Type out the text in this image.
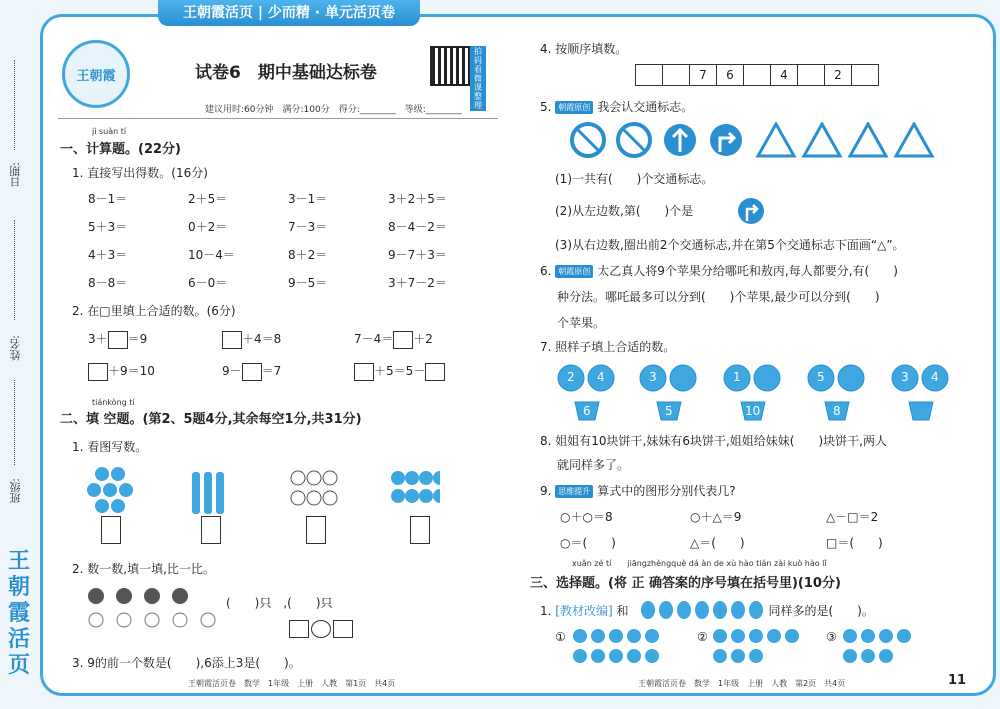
王朝霞活页 | 少而精 · 单元活页卷
日期:
姓名:
班级:
王朝霞活页
王朝霞	试卷6　期中基础达标卷
拍码看微课整理
建议用时:60分钟　满分:100分　得分:________　等级:________
jì suàn tí
一、计算题。(22分)
1. 直接写出得数。(16分)
8－1＝	2＋5＝	3－1＝	3＋2＋5＝
5＋3＝	0＋2＝	7－3＝	8－4－2＝
4＋3＝	10－4＝	8＋2＝	9－7＋3＝
8－8＝	6－0＝	9－5＝	3＋7－2＝
2. 在□里填上合适的数。(6分)
3＋ ＝9	＋4＝8	7－4＝ ＋2
＋9＝10	9－ ＝7	＋5＝5－
tiánkòng tí
二、填 空题。(第2、5题4分,其余每空1分,共31分)
1. 看图写数。
2. 数一数,填一填,比一比。
(　　)只　,(　　)只
3. 9的前一个数是(　　),6添上3是(　　)。
4. 按顺序填数。
7	6	4	2
5. 朝霞原创 我会认交通标志。
(1)一共有(　　)个交通标志。
(2)从左边数,第(　　)个是
(3)从右边数,圈出前2个交通标志,并在第5个交通标志下面画“△”。
6. 朝霞原创 太乙真人将9个苹果分给哪吒和敖丙,每人都要分,有(　　)
种分法。哪吒最多可以分到(　　)个苹果,最少可以分到(　　)
个苹果。
7. 照样子填上合适的数。
2 4
6
3
5
1
10
5
8
3 4
8. 姐姐有10块饼干,妹妹有6块饼干,姐姐给妹妹(　　)块饼干,两人
就同样多了。
9. 思维提升 算式中的图形分别代表几?
○＋○＝8	○＋△＝9	△－□＝2
○＝(　　)	△＝(　　)	□＝(　　)
xuǎn zé tí　　jiāngzhèngquè dá àn de xù hào tián zài kuò hào lǐ
三、选择题。(将 正 确答案的序号填在括号里)(10分)
1. [教材改编] 和	同样多的是(　　)。
①	②	③
王朝霞活页卷　数学　1年级　上册　人教　第1页　共4页	王朝霞活页卷　数学　1年级　上册　人教　第2页　共4页	11
